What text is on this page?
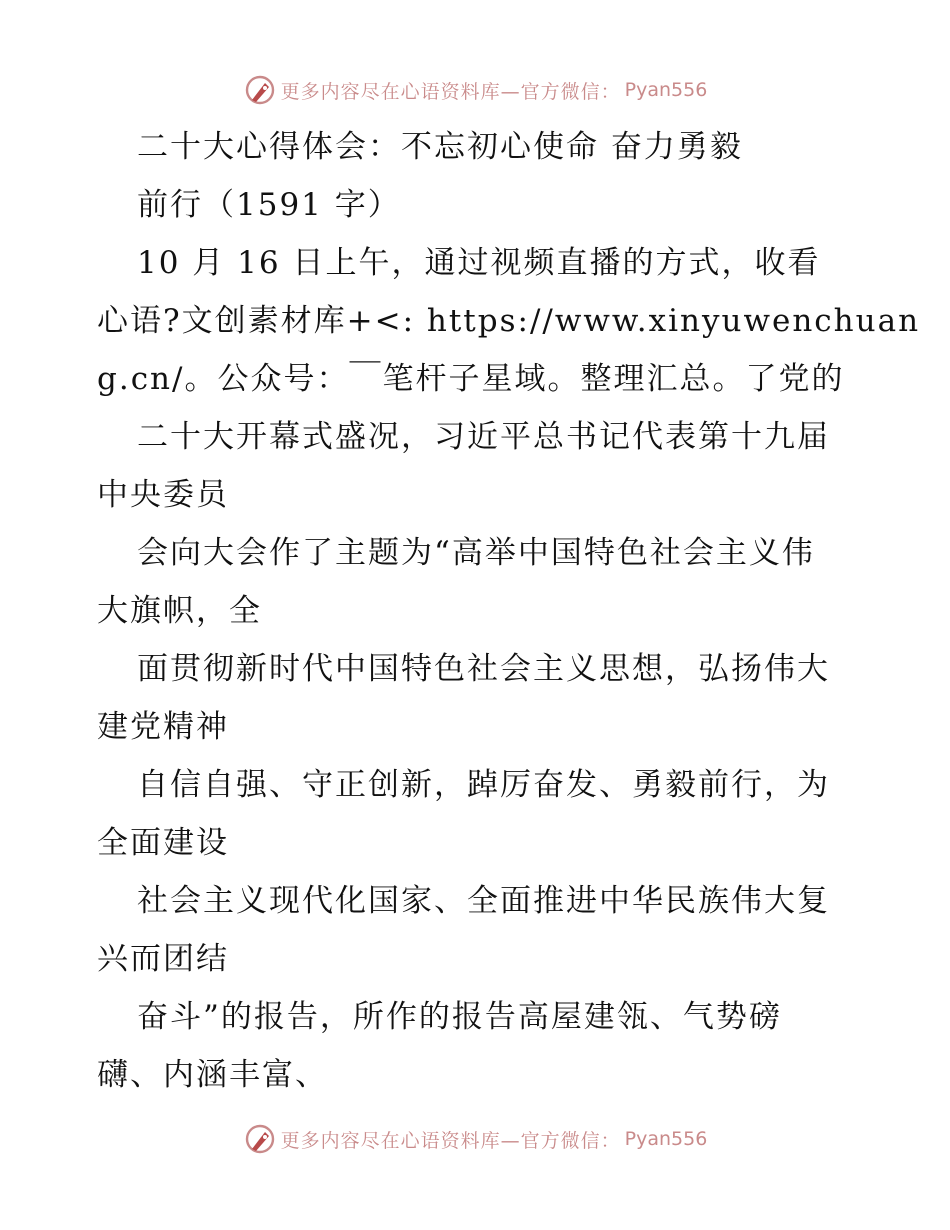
更多内容尽在心语资料库—官方微信： Pyan556
二十大心得体会：不忘初心使命 奋力勇毅
前行（1591 字）
10 月 16 日上午，通过视频直播的方式，收看
心语?文创素材库+<: https://www.xinyuwenchuan
g.cn/。公众号：￣笔杆子星域。整理汇总。了党的
二十大开幕式盛况，习近平总书记代表第十九届
中央委员
会向大会作了主题为“高举中国特色社会主义伟
大旗帜，全
面贯彻新时代中国特色社会主义思想，弘扬伟大
建党精神
自信自强、守正创新，踔厉奋发、勇毅前行，为
全面建设
社会主义现代化国家、全面推进中华民族伟大复
兴而团结
奋斗”的报告，所作的报告高屋建瓴、气势磅
礴、内涵丰富、
更多内容尽在心语资料库—官方微信： Pyan556
